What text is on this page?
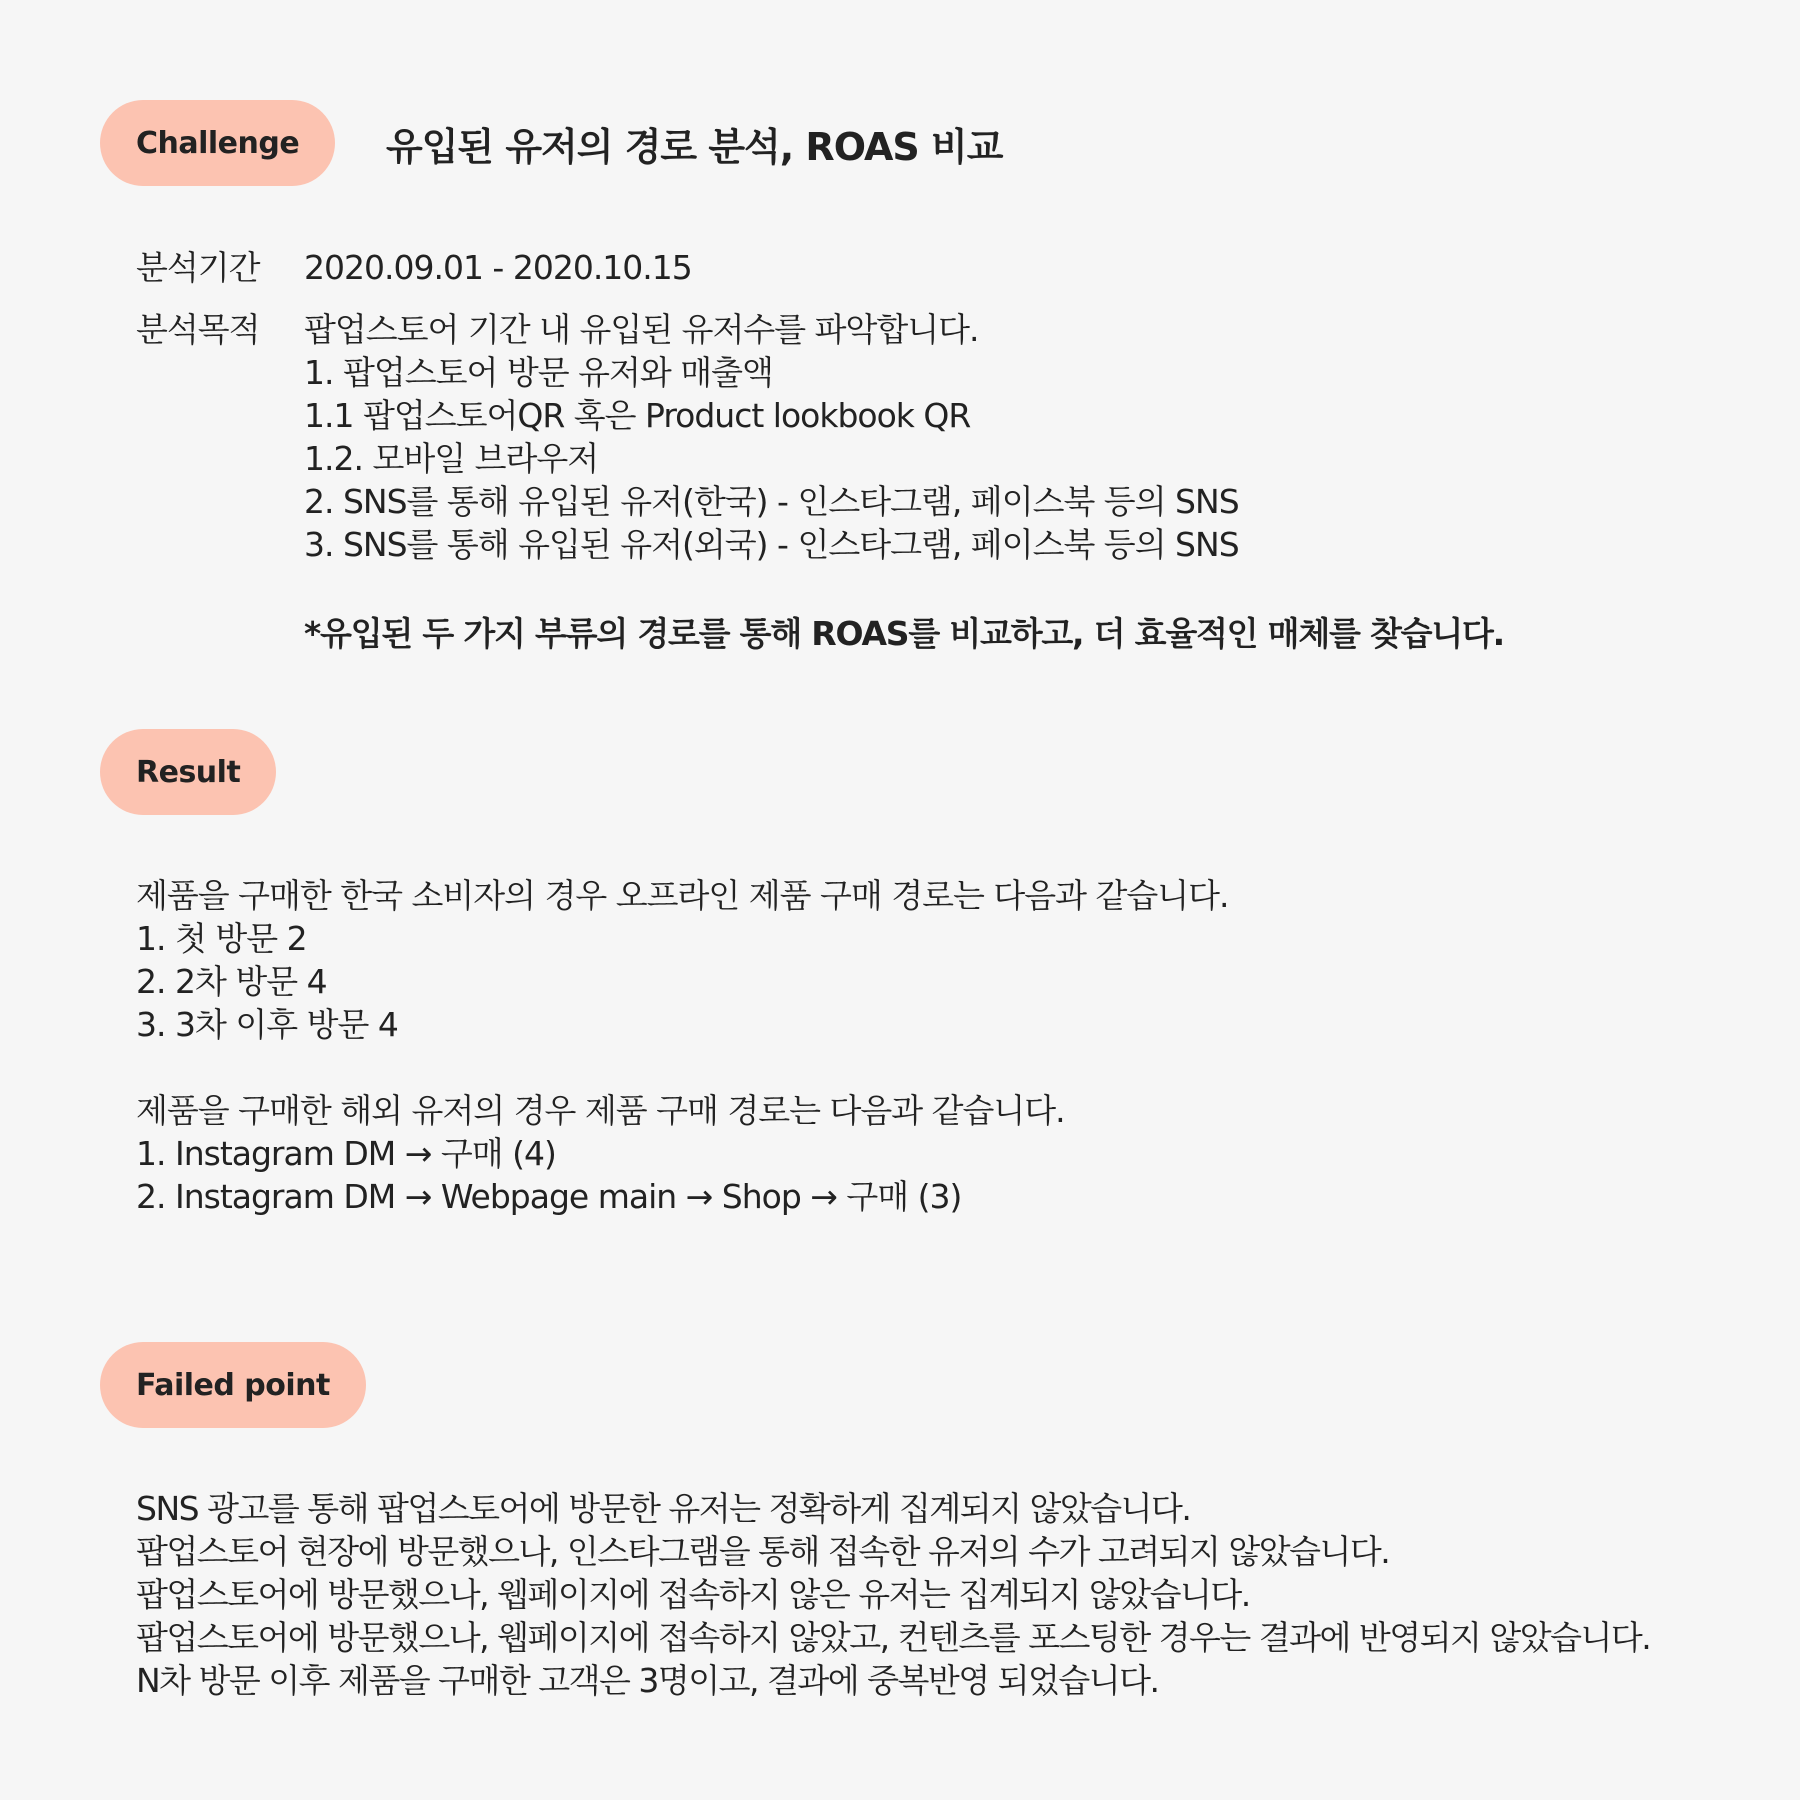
Challenge	유입된 유저의 경로 분석, ROAS 비교
분석기간 2020.09.01 - 2020.10.15
분석목적 팝업스토어 기간 내 유입된 유저수를 파악합니다.
1. 팝업스토어 방문 유저와 매출액
1.1 팝업스토어QR 혹은 Product lookbook QR
1.2. 모바일 브라우저
2. SNS를 통해 유입된 유저(한국) - 인스타그램, 페이스북 등의 SNS
3. SNS를 통해 유입된 유저(외국) - 인스타그램, 페이스북 등의 SNS
*유입된 두 가지 부류의 경로를 통해 ROAS를 비교하고, 더 효율적인 매체를 찾습니다.
Result
제품을 구매한 한국 소비자의 경우 오프라인 제품 구매 경로는 다음과 같습니다.
1. 첫 방문 2
2. 2차 방문 4
3. 3차 이후 방문 4
제품을 구매한 해외 유저의 경우 제품 구매 경로는 다음과 같습니다.
1. Instagram DM → 구매 (4)
2. Instagram DM → Webpage main → Shop → 구매 (3)
Failed point
SNS 광고를 통해 팝업스토어에 방문한 유저는 정확하게 집계되지 않았습니다.
팝업스토어 현장에 방문했으나, 인스타그램을 통해 접속한 유저의 수가 고려되지 않았습니다.
팝업스토어에 방문했으나, 웹페이지에 접속하지 않은 유저는 집계되지 않았습니다.
팝업스토어에 방문했으나, 웹페이지에 접속하지 않았고, 컨텐츠를 포스팅한 경우는 결과에 반영되지 않았습니다.
N차 방문 이후 제품을 구매한 고객은 3명이고, 결과에 중복반영 되었습니다.
